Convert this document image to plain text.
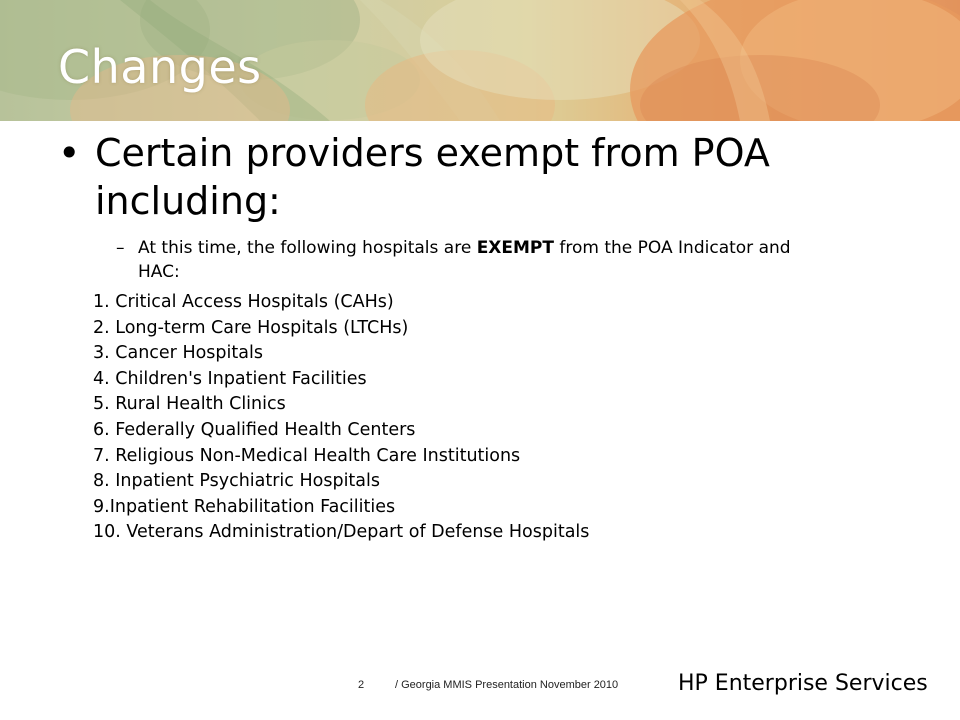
Changes
• Certain providers exempt from POA including:
– At this time, the following hospitals are EXEMPT from the POA Indicator and HAC:
1. Critical Access Hospitals (CAHs)
2. Long-term Care Hospitals (LTCHs)
3. Cancer Hospitals
4. Children's Inpatient Facilities
5. Rural Health Clinics
6. Federally Qualified Health Centers
7. Religious Non-Medical Health Care Institutions
8. Inpatient Psychiatric Hospitals
9.Inpatient Rehabilitation Facilities
10. Veterans Administration/Depart of Defense Hospitals
2	/ Georgia MMIS Presentation November 2010	HP Enterprise Services
